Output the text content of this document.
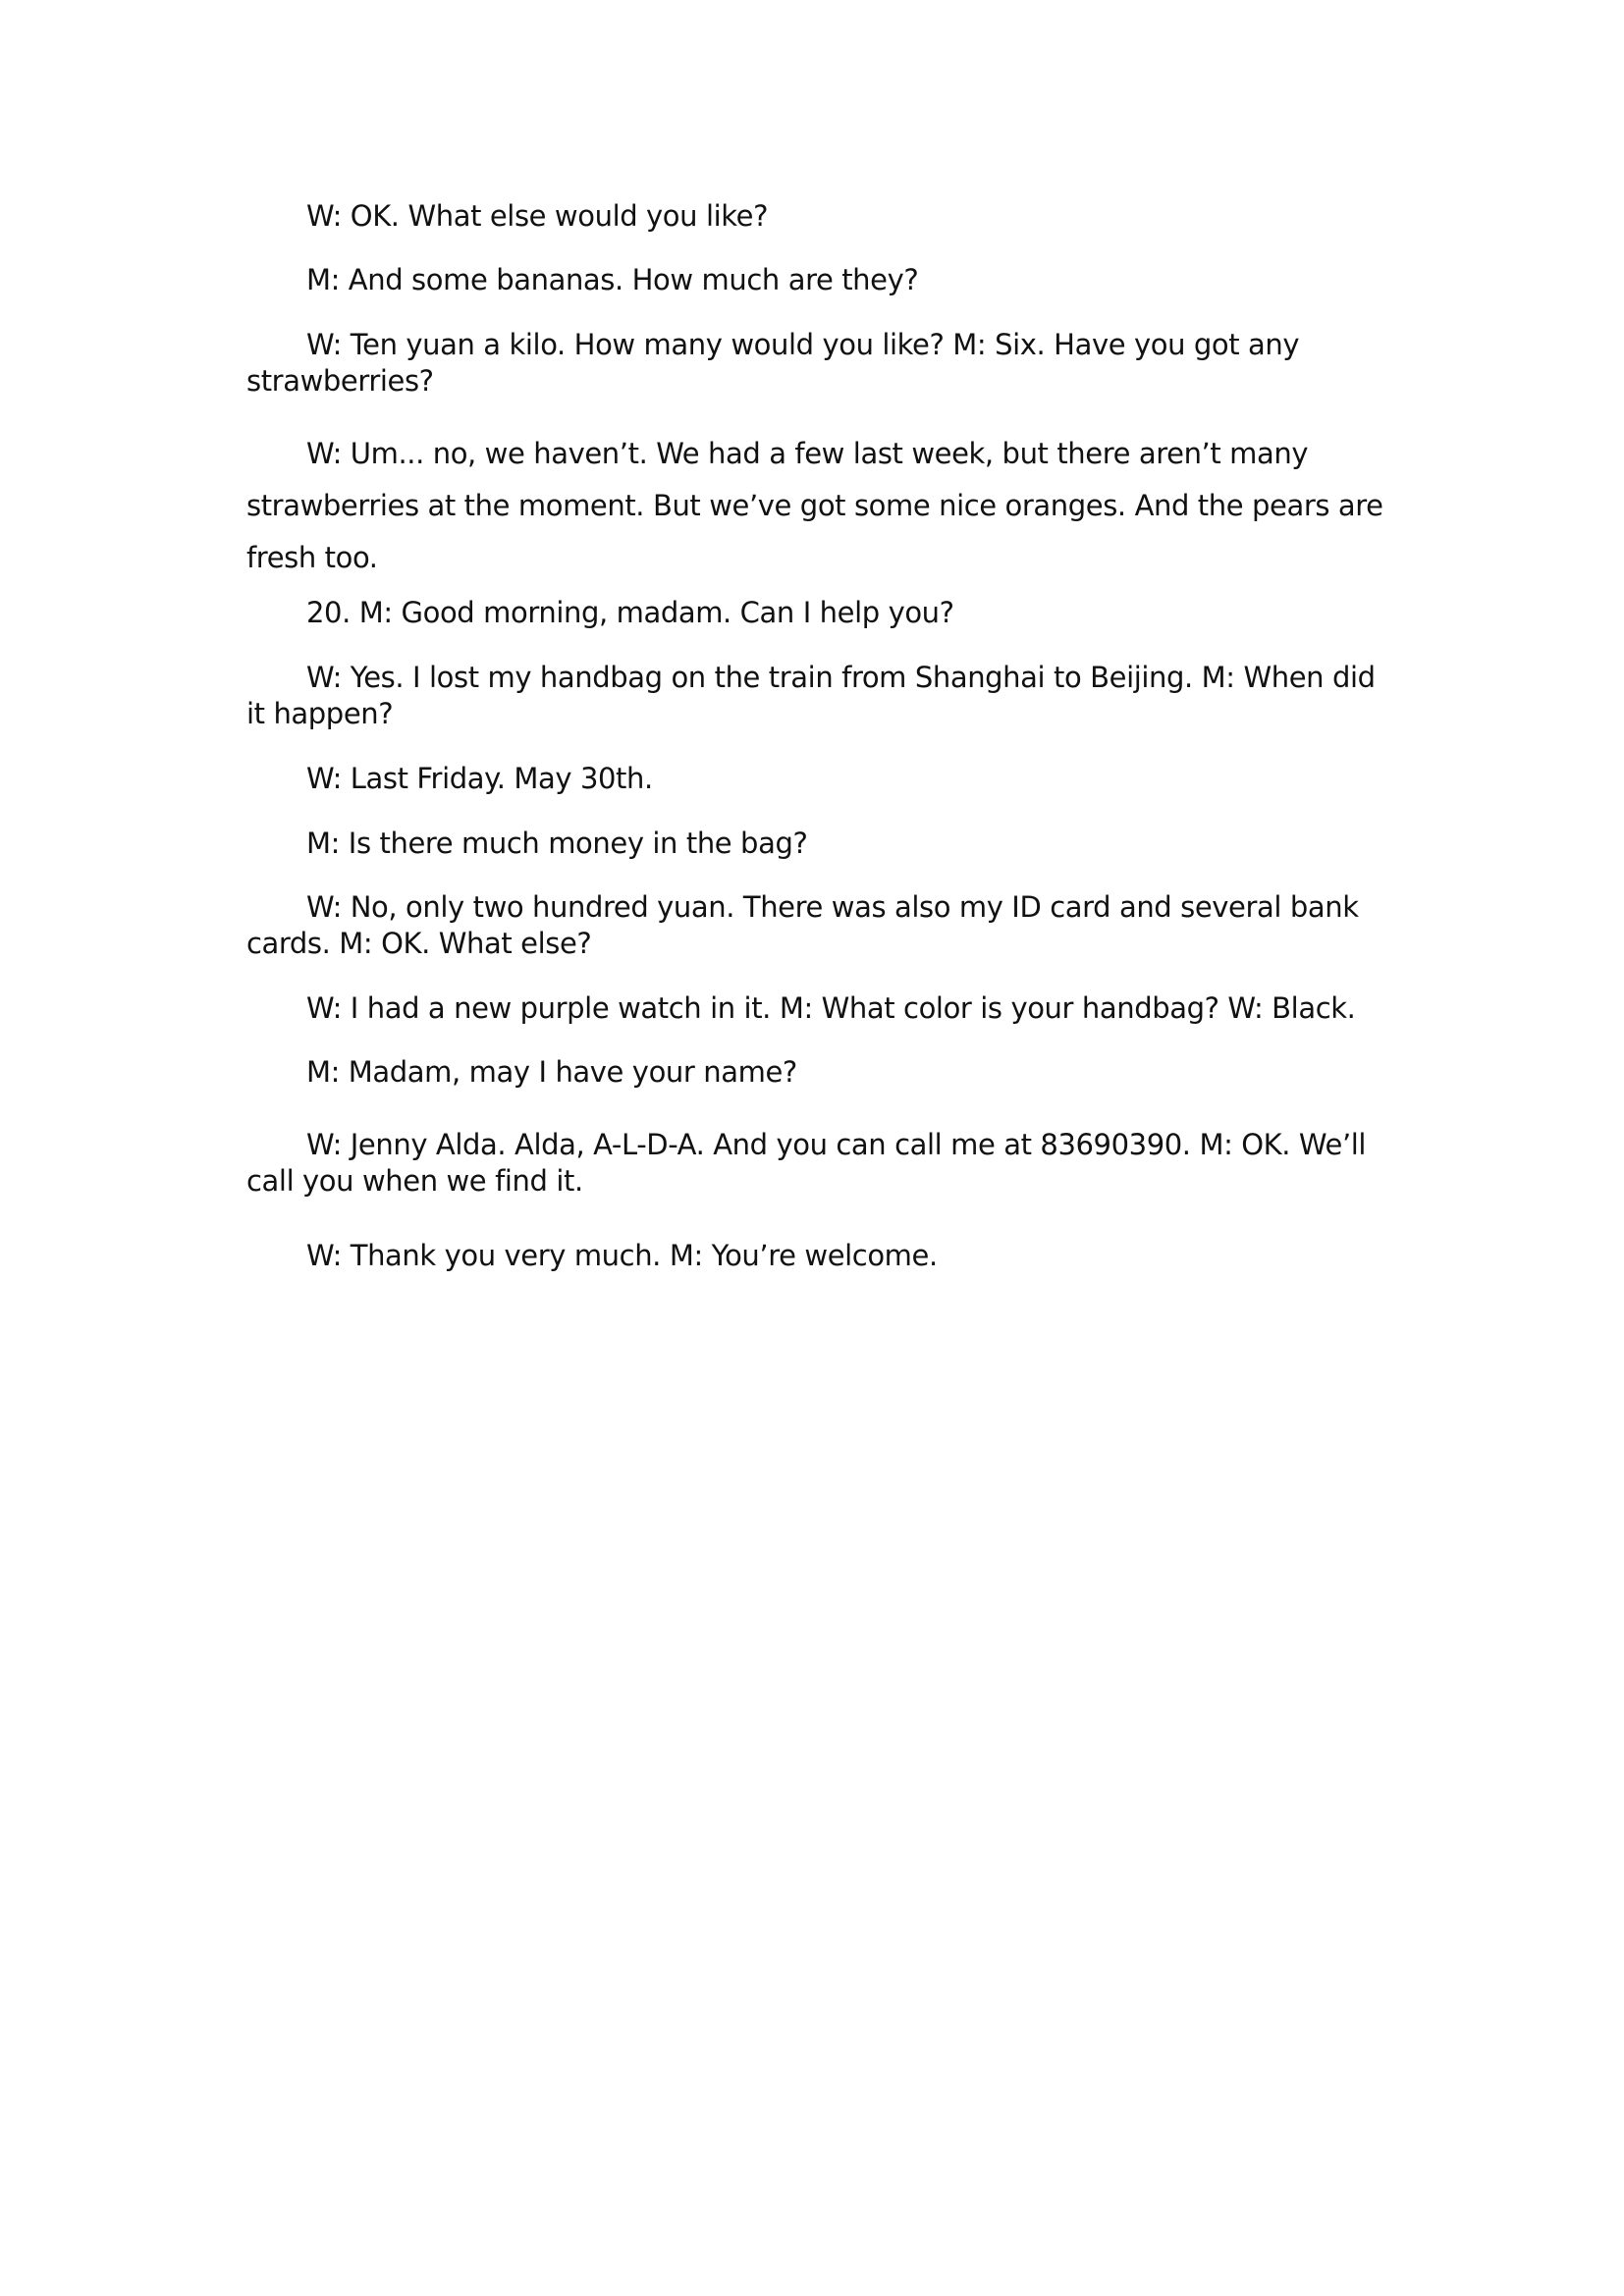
W: OK. What else would you like?

M: And some bananas. How much are they?

W: Ten yuan a kilo. How many would you like? M: Six. Have you got any strawberries?

W: Um... no, we haven’t. We had a few last week, but there aren’t many strawberries at the moment. But we’ve got some nice oranges. And the pears are fresh too.

20. M: Good morning, madam. Can I help you?

W: Yes. I lost my handbag on the train from Shanghai to Beijing. M: When did it happen?

W: Last Friday. May 30th.

M: Is there much money in the bag?

W: No, only two hundred yuan. There was also my ID card and several bank cards. M: OK. What else?

W: I had a new purple watch in it. M: What color is your handbag? W: Black.

M: Madam, may I have your name?

W: Jenny Alda. Alda, A-L-D-A. And you can call me at 83690390. M: OK. We’ll call you when we find it.

W: Thank you very much. M: You’re welcome.
